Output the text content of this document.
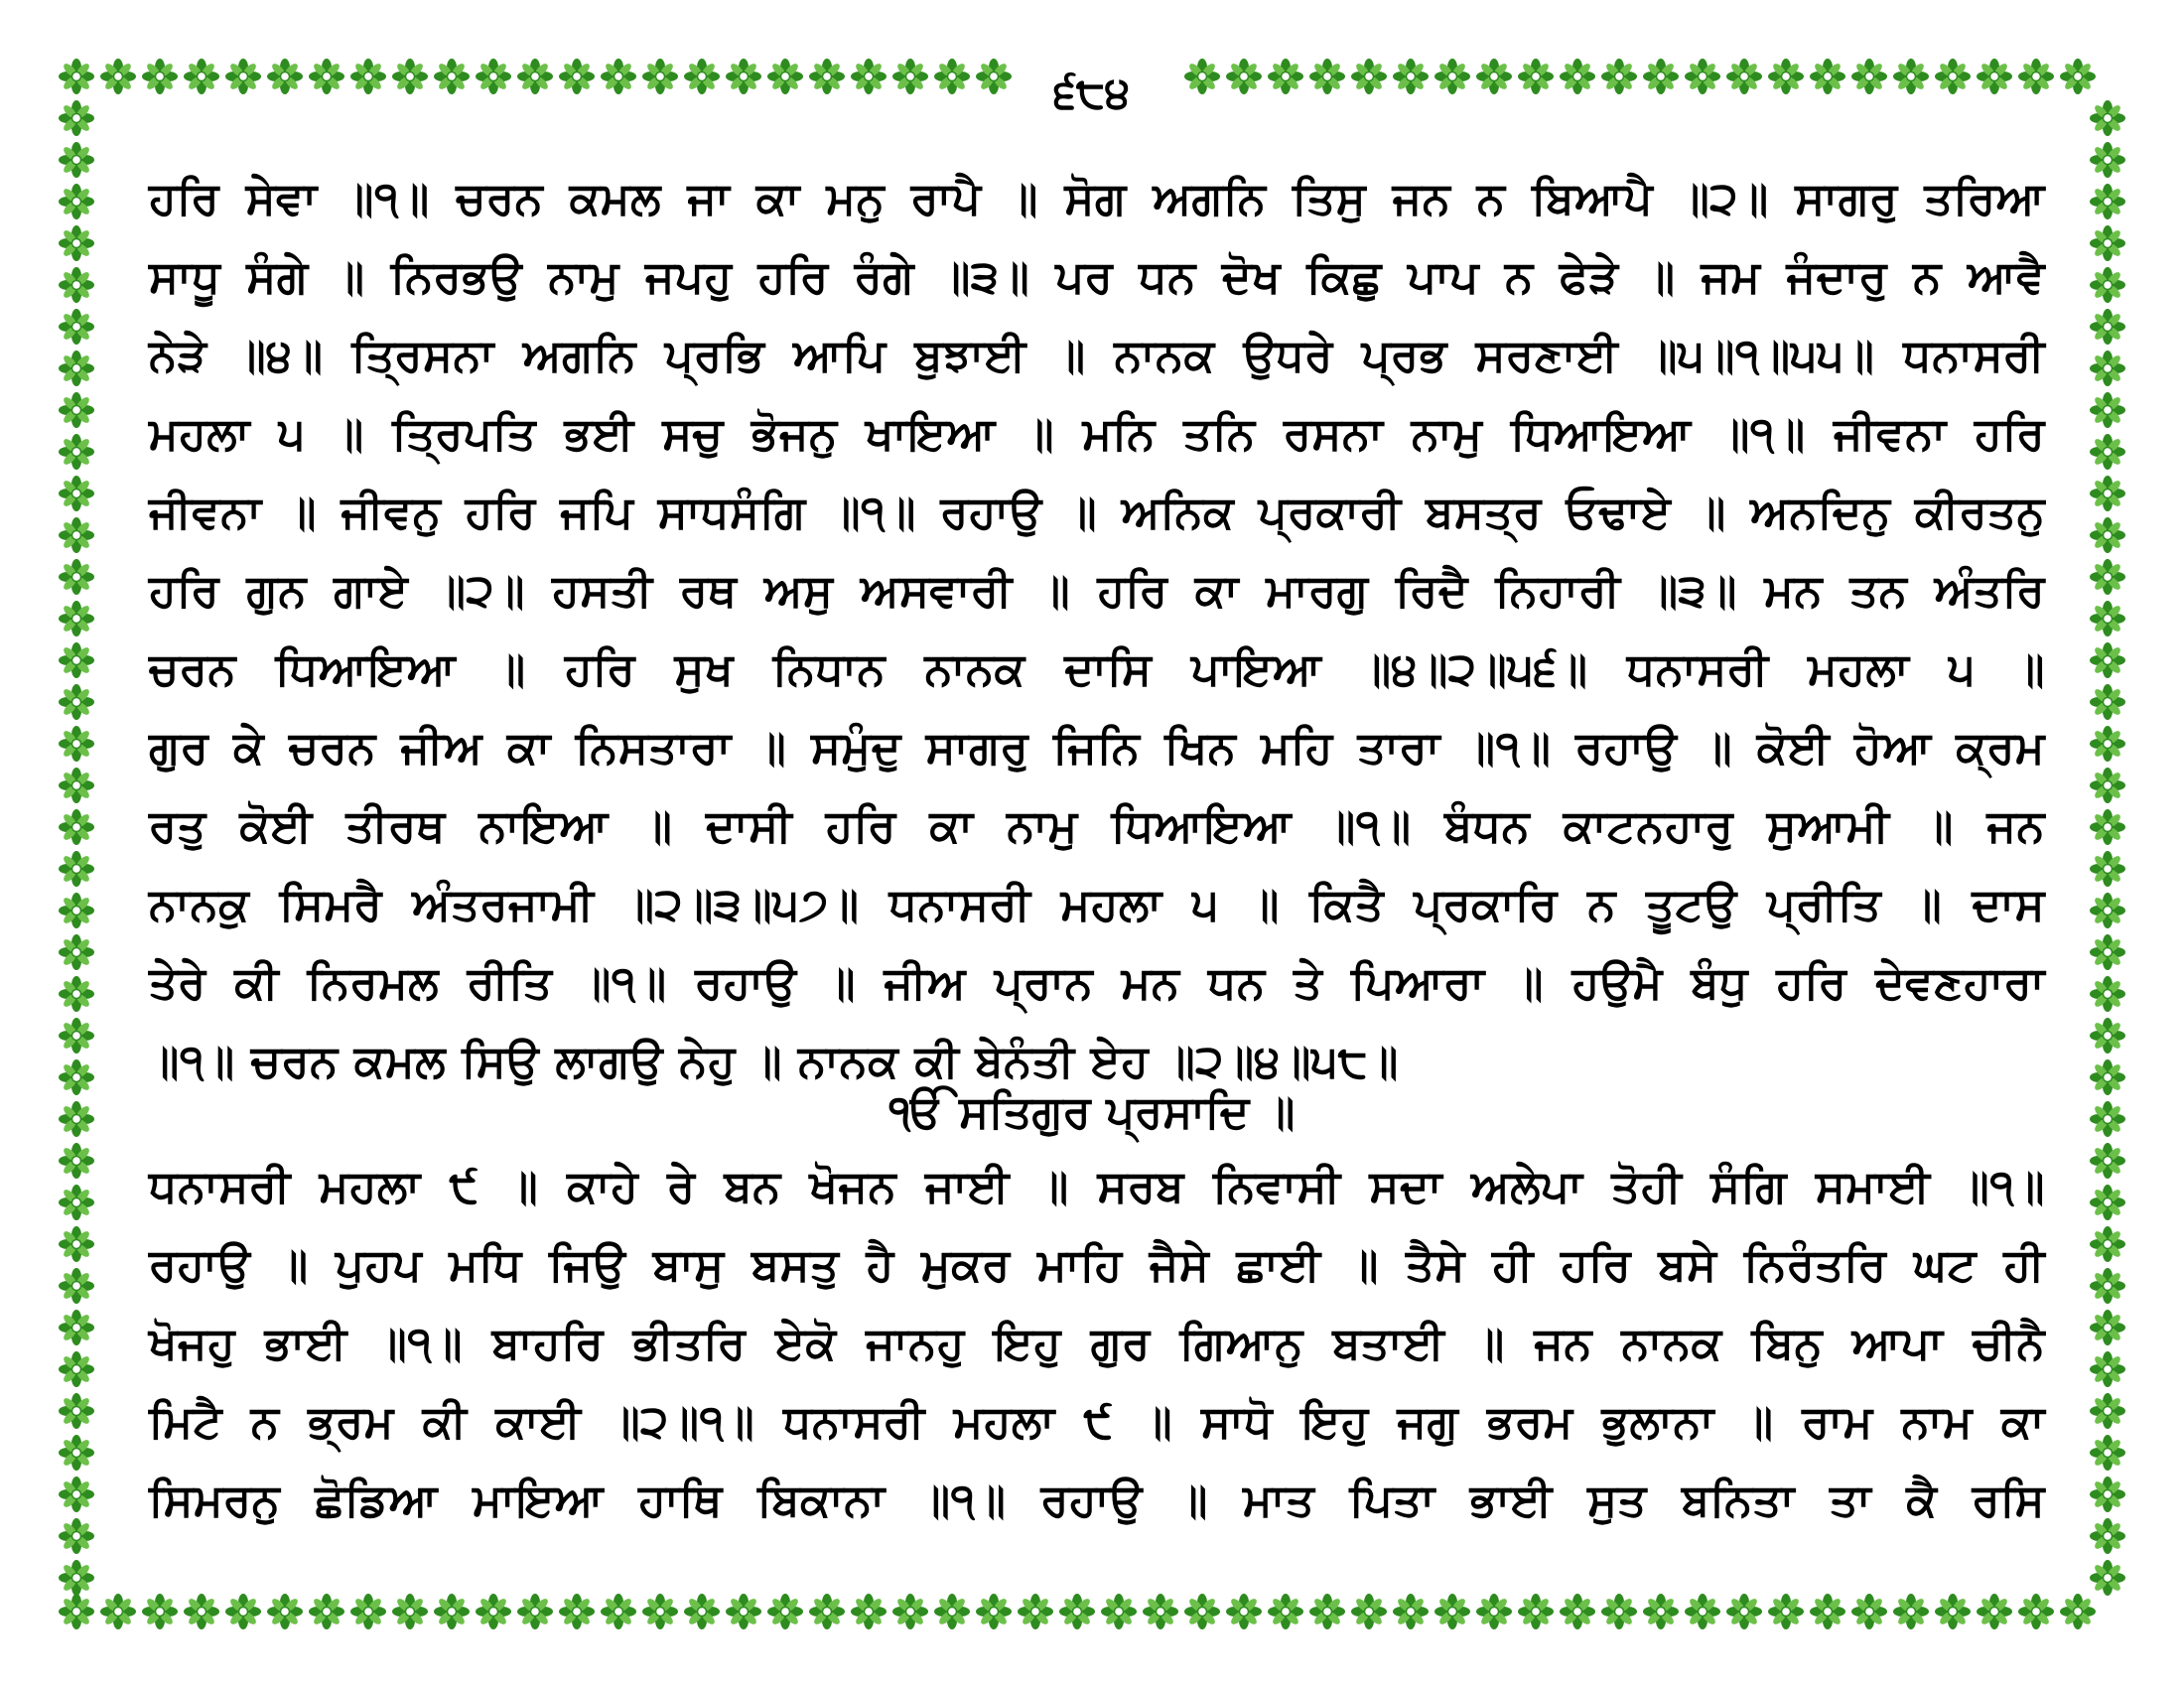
੬੮੪
ਹਰਿ ਸੇਵਾ ॥੧॥ ਚਰਨ ਕਮਲ ਜਾ ਕਾ ਮਨੁ ਰਾਪੈ ॥ ਸੋਗ ਅਗਨਿ ਤਿਸੁ ਜਨ ਨ ਬਿਆਪੈ ॥੨॥ ਸਾਗਰੁ ਤਰਿਆ
ਸਾਧੂ ਸੰਗੇ ॥ ਨਿਰਭਉ ਨਾਮੁ ਜਪਹੁ ਹਰਿ ਰੰਗੇ ॥੩॥ ਪਰ ਧਨ ਦੋਖ ਕਿਛੁ ਪਾਪ ਨ ਫੇੜੇ ॥ ਜਮ ਜੰਦਾਰੁ ਨ ਆਵੈ
ਨੇੜੇ ॥੪॥ ਤ੍ਰਿਸਨਾ ਅਗਨਿ ਪ੍ਰਭਿ ਆਪਿ ਬੁਝਾਈ ॥ ਨਾਨਕ ਉਧਰੇ ਪ੍ਰਭ ਸਰਣਾਈ ॥੫॥੧॥੫੫॥ ਧਨਾਸਰੀ
ਮਹਲਾ ੫ ॥ ਤ੍ਰਿਪਤਿ ਭਈ ਸਚੁ ਭੋਜਨੁ ਖਾਇਆ ॥ ਮਨਿ ਤਨਿ ਰਸਨਾ ਨਾਮੁ ਧਿਆਇਆ ॥੧॥ ਜੀਵਨਾ ਹਰਿ
ਜੀਵਨਾ ॥ ਜੀਵਨੁ ਹਰਿ ਜਪਿ ਸਾਧਸੰਗਿ ॥੧॥ ਰਹਾਉ ॥ ਅਨਿਕ ਪ੍ਰਕਾਰੀ ਬਸਤ੍ਰ ਓਢਾਏ ॥ ਅਨਦਿਨੁ ਕੀਰਤਨੁ
ਹਰਿ ਗੁਨ ਗਾਏ ॥੨॥ ਹਸਤੀ ਰਥ ਅਸੁ ਅਸਵਾਰੀ ॥ ਹਰਿ ਕਾ ਮਾਰਗੁ ਰਿਦੈ ਨਿਹਾਰੀ ॥੩॥ ਮਨ ਤਨ ਅੰਤਰਿ
ਚਰਨ ਧਿਆਇਆ ॥ ਹਰਿ ਸੁਖ ਨਿਧਾਨ ਨਾਨਕ ਦਾਸਿ ਪਾਇਆ ॥੪॥੨॥੫੬॥ ਧਨਾਸਰੀ ਮਹਲਾ ੫ ॥
ਗੁਰ ਕੇ ਚਰਨ ਜੀਅ ਕਾ ਨਿਸਤਾਰਾ ॥ ਸਮੁੰਦੁ ਸਾਗਰੁ ਜਿਨਿ ਖਿਨ ਮਹਿ ਤਾਰਾ ॥੧॥ ਰਹਾਉ ॥ ਕੋਈ ਹੋਆ ਕ੍ਰਮ
ਰਤੁ ਕੋਈ ਤੀਰਥ ਨਾਇਆ ॥ ਦਾਸੀ ਹਰਿ ਕਾ ਨਾਮੁ ਧਿਆਇਆ ॥੧॥ ਬੰਧਨ ਕਾਟਨਹਾਰੁ ਸੁਆਮੀ ॥ ਜਨ
ਨਾਨਕੁ ਸਿਮਰੈ ਅੰਤਰਜਾਮੀ ॥੨॥੩॥੫੭॥ ਧਨਾਸਰੀ ਮਹਲਾ ੫ ॥ ਕਿਤੈ ਪ੍ਰਕਾਰਿ ਨ ਤੂਟਉ ਪ੍ਰੀਤਿ ॥ ਦਾਸ
ਤੇਰੇ ਕੀ ਨਿਰਮਲ ਰੀਤਿ ॥੧॥ ਰਹਾਉ ॥ ਜੀਅ ਪ੍ਰਾਨ ਮਨ ਧਨ ਤੇ ਪਿਆਰਾ ॥ ਹਉਮੈ ਬੰਧੁ ਹਰਿ ਦੇਵਣਹਾਰਾ
॥੧॥ ਚਰਨ ਕਮਲ ਸਿਉ ਲਾਗਉ ਨੇਹੁ ॥ ਨਾਨਕ ਕੀ ਬੇਨੰਤੀ ਏਹ ॥੨॥੪॥੫੮॥
ੴ ਸਤਿਗੁਰ ਪ੍ਰਸਾਦਿ ॥
ਧਨਾਸਰੀ ਮਹਲਾ ੯ ॥ ਕਾਹੇ ਰੇ ਬਨ ਖੋਜਨ ਜਾਈ ॥ ਸਰਬ ਨਿਵਾਸੀ ਸਦਾ ਅਲੇਪਾ ਤੋਹੀ ਸੰਗਿ ਸਮਾਈ ॥੧॥
ਰਹਾਉ ॥ ਪੁਹਪ ਮਧਿ ਜਿਉ ਬਾਸੁ ਬਸਤੁ ਹੈ ਮੁਕਰ ਮਾਹਿ ਜੈਸੇ ਛਾਈ ॥ ਤੈਸੇ ਹੀ ਹਰਿ ਬਸੇ ਨਿਰੰਤਰਿ ਘਟ ਹੀ
ਖੋਜਹੁ ਭਾਈ ॥੧॥ ਬਾਹਰਿ ਭੀਤਰਿ ਏਕੋ ਜਾਨਹੁ ਇਹੁ ਗੁਰ ਗਿਆਨੁ ਬਤਾਈ ॥ ਜਨ ਨਾਨਕ ਬਿਨੁ ਆਪਾ ਚੀਨੈ
ਮਿਟੈ ਨ ਭ੍ਰਮ ਕੀ ਕਾਈ ॥੨॥੧॥ ਧਨਾਸਰੀ ਮਹਲਾ ੯ ॥ ਸਾਧੋ ਇਹੁ ਜਗੁ ਭਰਮ ਭੁਲਾਨਾ ॥ ਰਾਮ ਨਾਮ ਕਾ
ਸਿਮਰਨੁ ਛੋਡਿਆ ਮਾਇਆ ਹਾਥਿ ਬਿਕਾਨਾ ॥੧॥ ਰਹਾਉ ॥ ਮਾਤ ਪਿਤਾ ਭਾਈ ਸੁਤ ਬਨਿਤਾ ਤਾ ਕੈ ਰਸਿ
